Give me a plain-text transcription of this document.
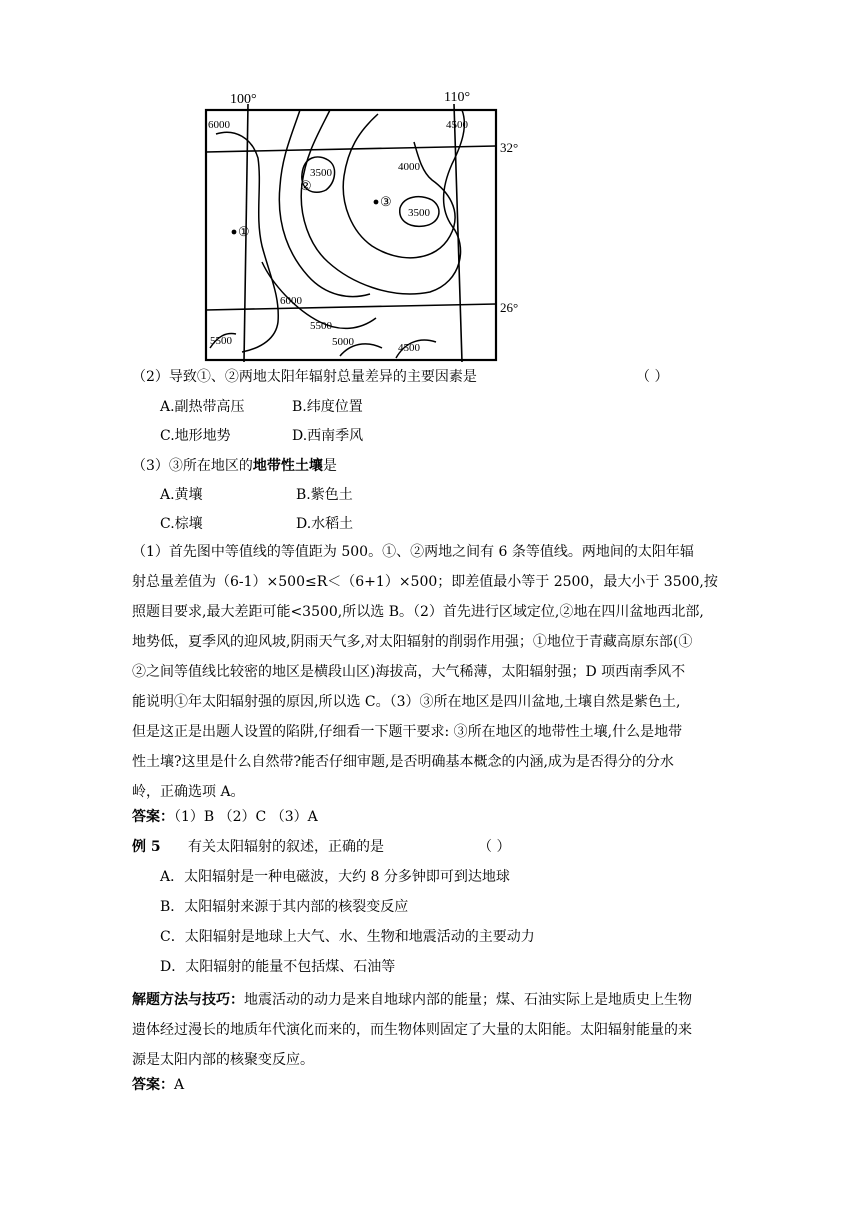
100°	110°
32°
26°
6000	4500
3500	4000
3500
6000
5500
5000	4500
5500
②
③
①
（2）导致①、②两地太阳年辐射总量差异的主要因素是	（ ）
A.副热带高压	B.纬度位置
C.地形地势	D.西南季风
（3）③所在地区的地带性土壤是
A.黄壤	B.紫色土
C.棕壤	D.水稻土
（1）首先图中等值线的等值距为 500。①、②两地之间有 6 条等值线。两地间的太阳年辐
射总量差值为（6-1）×500≤R＜（6+1）×500；即差值最小等于 2500，最大小于 3500,按
照题目要求,最大差距可能<3500,所以选 B。（2）首先进行区域定位,②地在四川盆地西北部,
地势低，夏季风的迎风坡,阴雨天气多,对太阳辐射的削弱作用强；①地位于青藏高原东部(①
②之间等值线比较密的地区是横段山区)海拔高，大气稀薄，太阳辐射强；D 项西南季风不
能说明①年太阳辐射强的原因,所以选 C。（3）③所在地区是四川盆地,土壤自然是紫色土,
但是这正是出题人设置的陷阱,仔细看一下题干要求: ③所在地区的地带性土壤,什么是地带
性土壤?这里是什么自然带?能否仔细审题,是否明确基本概念的内涵,成为是否得分的分水
岭，正确选项 A。
答案：（1）B （2）C （3）A
例 5 有关太阳辐射的叙述，正确的是	（ ）
A．太阳辐射是一种电磁波，大约 8 分多钟即可到达地球
B．太阳辐射来源于其内部的核裂变反应
C．太阳辐射是地球上大气、水、生物和地震活动的主要动力
D．太阳辐射的能量不包括煤、石油等
解题方法与技巧：地震活动的动力是来自地球内部的能量；煤、石油实际上是地质史上生物
遗体经过漫长的地质年代演化而来的，而生物体则固定了大量的太阳能。太阳辐射能量的来
源是太阳内部的核聚变反应。
答案：A
